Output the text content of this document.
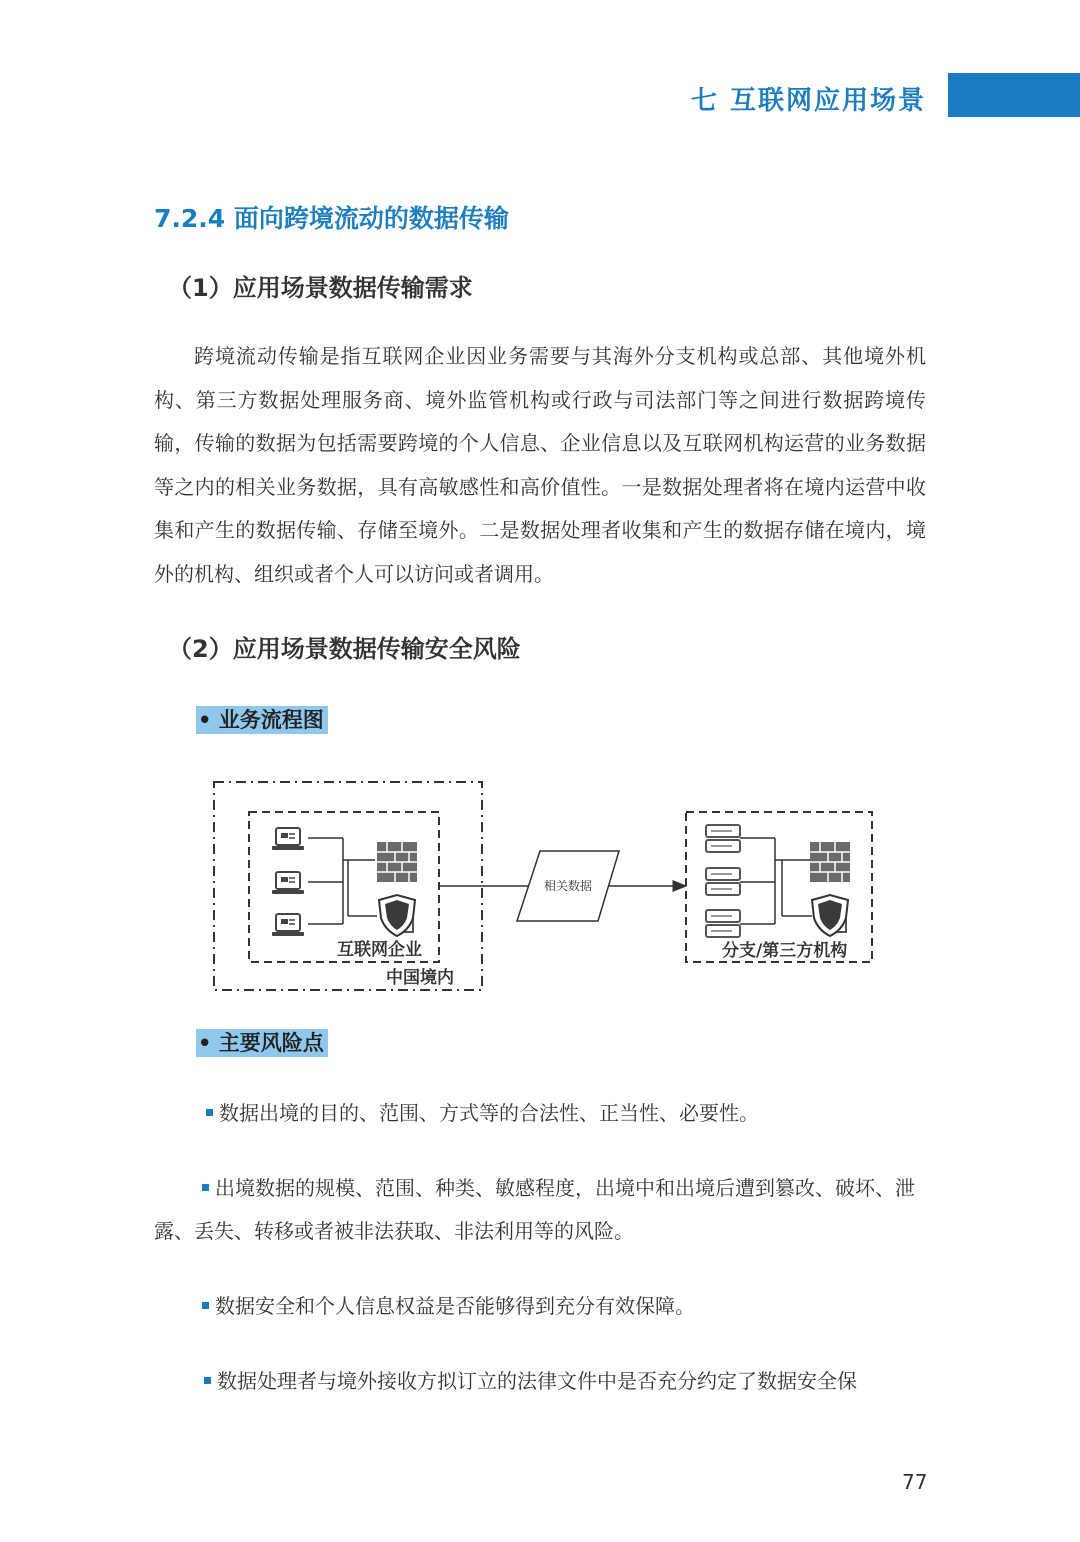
七 互联网应用场景
7.2.4 面向跨境流动的数据传输
（1）应用场景数据传输需求

跨境流动传输是指互联网企业因业务需要与其海外分支机构或总部、其他境外机构、第三方数据处理服务商、境外监管机构或行政与司法部门等之间进行数据跨境传输，传输的数据为包括需要跨境的个人信息、企业信息以及互联网机构运营的业务数据等之内的相关业务数据，具有高敏感性和高价值性。一是数据处理者将在境内运营中收集和产生的数据传输、存储至境外。二是数据处理者收集和产生的数据存储在境内，境外的机构、组织或者个人可以访问或者调用。

（2）应用场景数据传输安全风险
• 业务流程图
互联网企业
中国境内
相关数据
分支/第三方机构
• 主要风险点

数据出境的目的、范围、方式等的合法性、正当性、必要性。

出境数据的规模、范围、种类、敏感程度，出境中和出境后遭到篡改、破坏、泄露、丢失、转移或者被非法获取、非法利用等的风险。

数据安全和个人信息权益是否能够得到充分有效保障。

数据处理者与境外接收方拟订立的法律文件中是否充分约定了数据安全保

77
